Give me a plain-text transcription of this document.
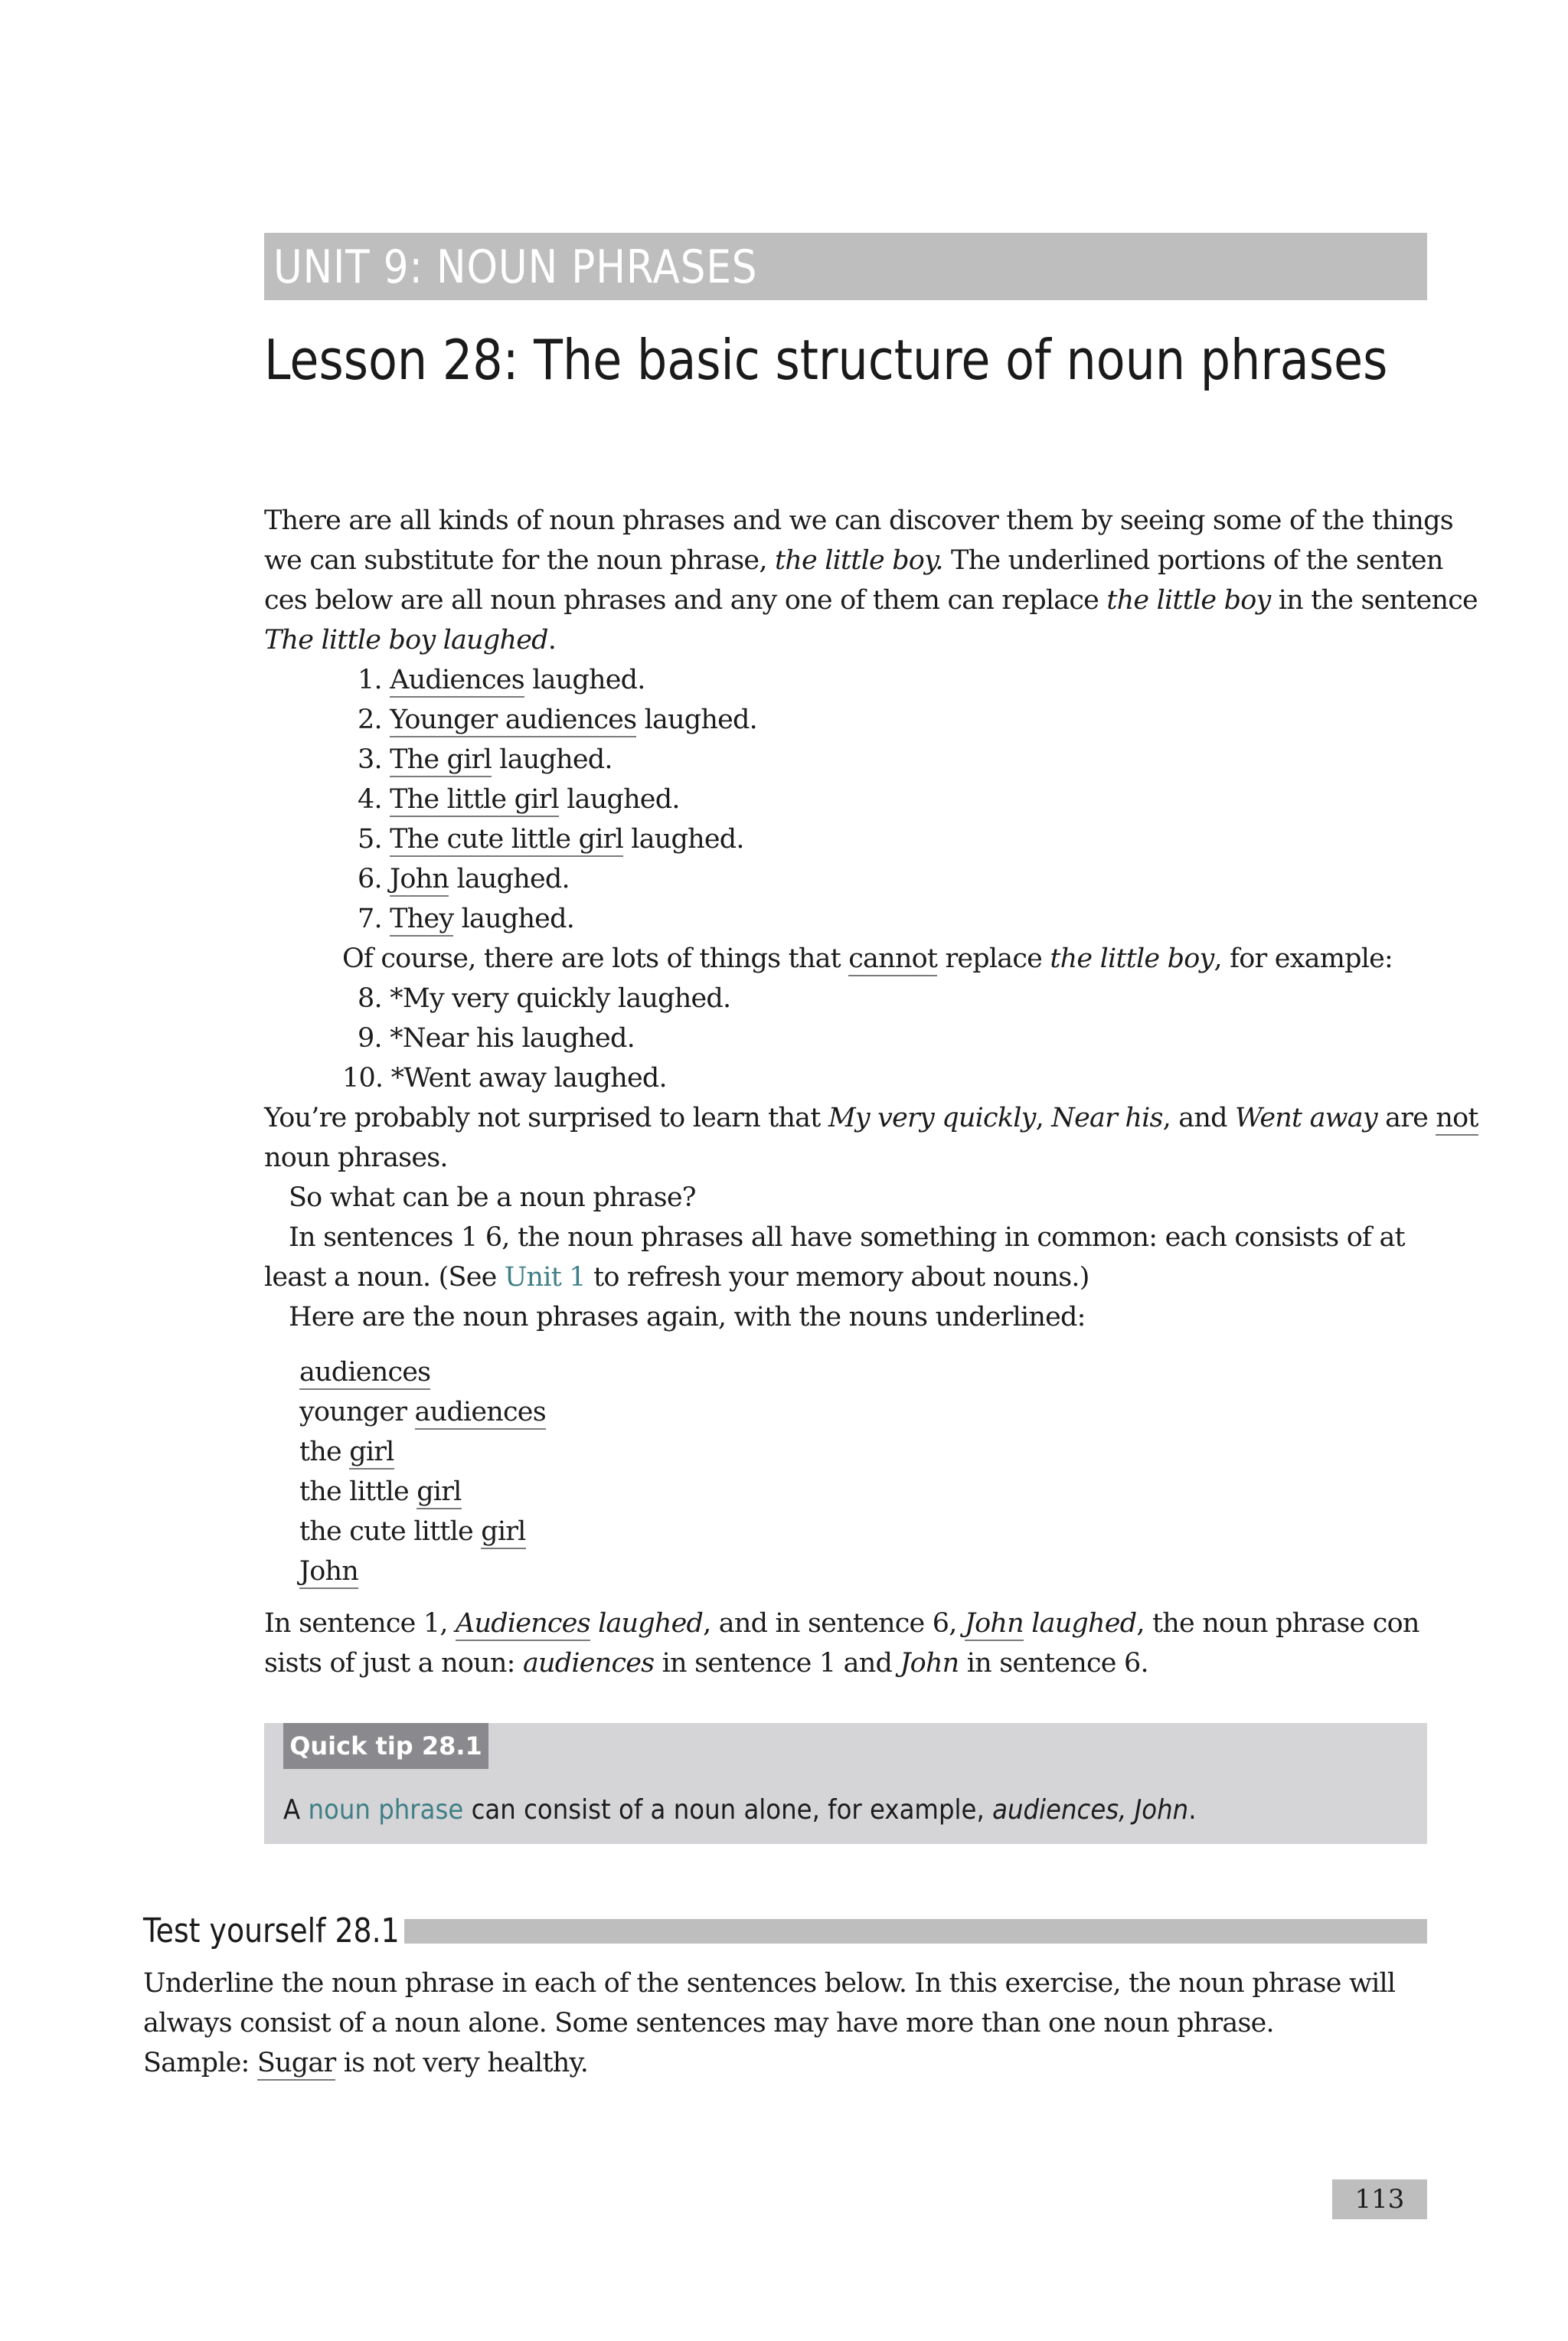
UNIT 9: NOUN PHRASES
Lesson 28: The basic structure of noun phrases
There are all kinds of noun phrases and we can discover them by seeing some of the things
we can substitute for the noun phrase, the little boy. The underlined portions of the senten
ces below are all noun phrases and any one of them can replace the little boy in the sentence
The little boy laughed.
1. Audiences laughed.
2. Younger audiences laughed.
3. The girl laughed.
4. The little girl laughed.
5. The cute little girl laughed.
6. John laughed.
7. They laughed.
Of course, there are lots of things that cannot replace the little boy, for example:
8. *My very quickly laughed.
9. *Near his laughed.
10. *Went away laughed.
You’re probably not surprised to learn that My very quickly, Near his, and Went away are not
noun phrases.
So what can be a noun phrase?
In sentences 1 6, the noun phrases all have something in common: each consists of at
least a noun. (See Unit 1 to refresh your memory about nouns.)
Here are the noun phrases again, with the nouns underlined:
audiences
younger audiences
the girl
the little girl
the cute little girl
John
In sentence 1, Audiences laughed, and in sentence 6, John laughed, the noun phrase con
sists of just a noun: audiences in sentence 1 and John in sentence 6.
Quick tip 28.1
A noun phrase can consist of a noun alone, for example, audiences, John.
Test yourself 28.1
Underline the noun phrase in each of the sentences below. In this exercise, the noun phrase will
always consist of a noun alone. Some sentences may have more than one noun phrase.
Sample: Sugar is not very healthy.
113
